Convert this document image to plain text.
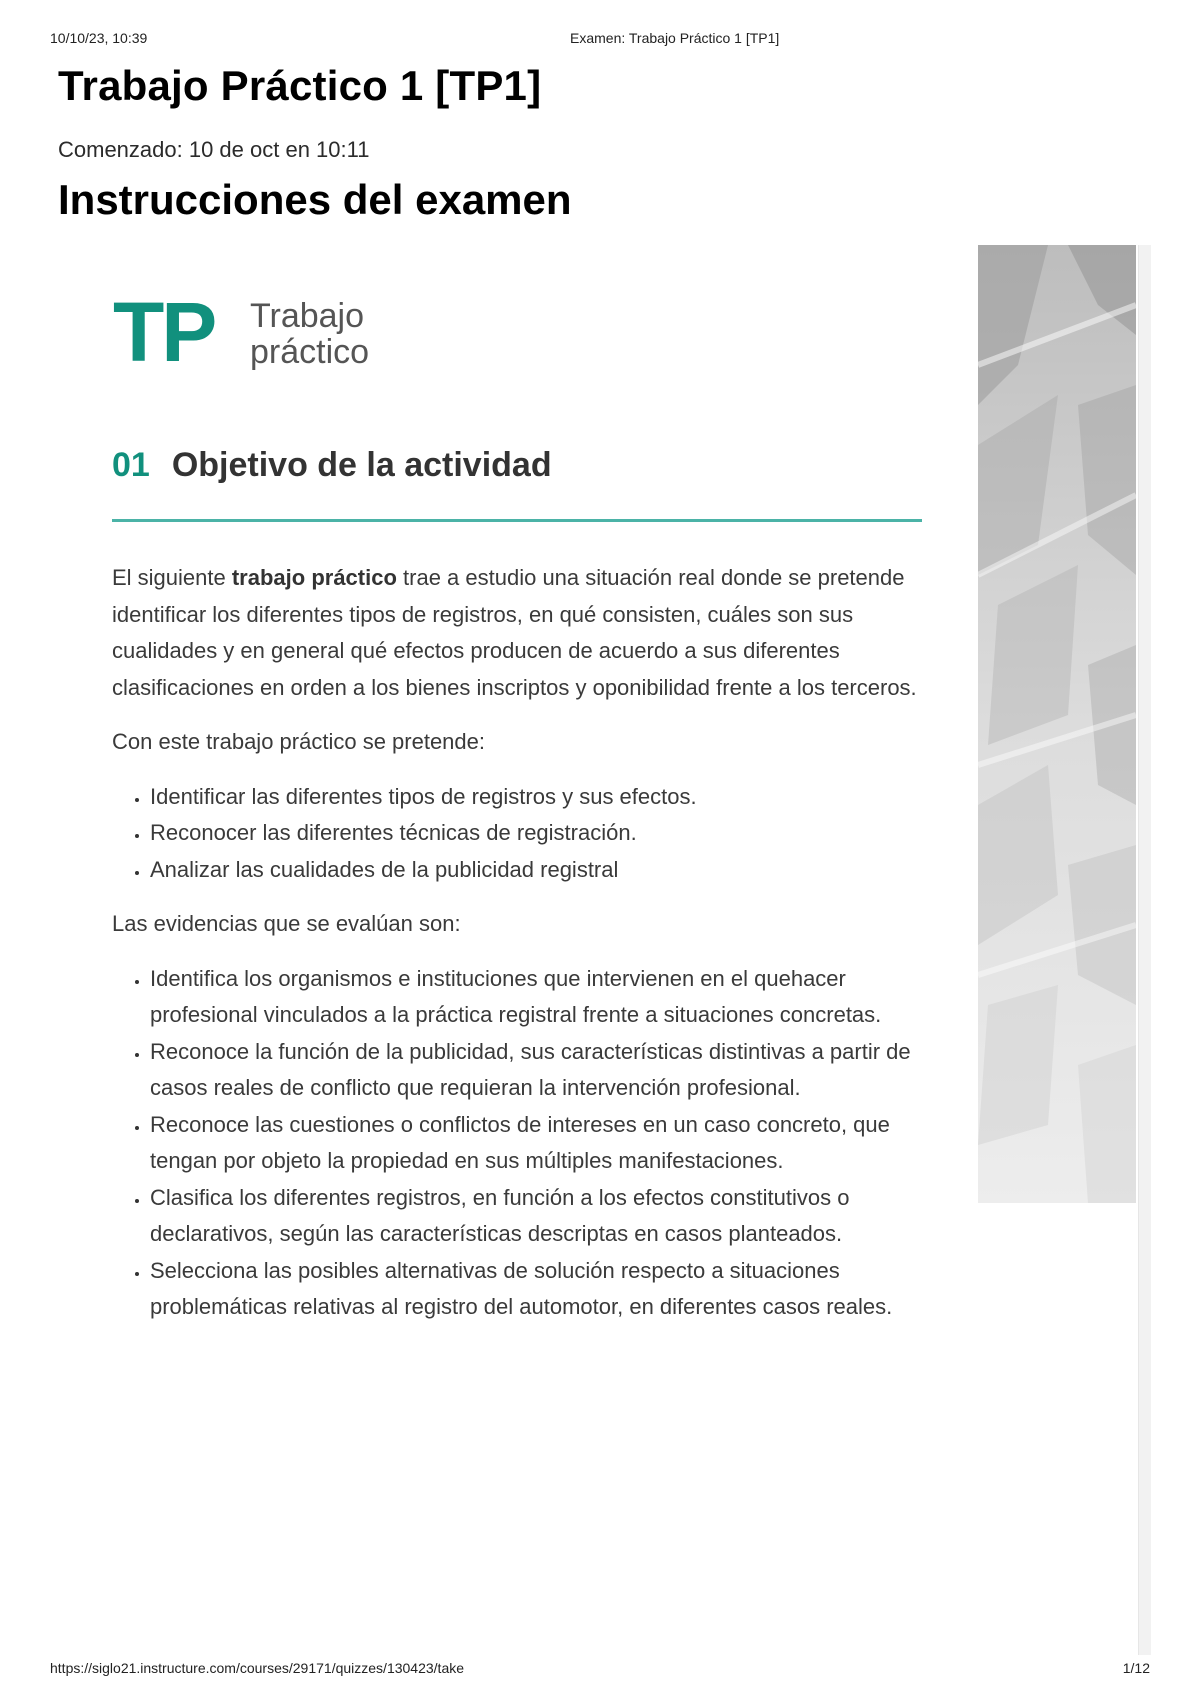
10/10/23, 10:39	Examen: Trabajo Práctico 1 [TP1]
Trabajo Práctico 1 [TP1]
Comenzado: 10 de oct en 10:11
Instrucciones del examen
TP Trabajo
práctico
01 Objetivo de la actividad

El siguiente trabajo práctico trae a estudio una situación real donde se pretende identificar los diferentes tipos de registros, en qué consisten, cuáles son sus cualidades y en general qué efectos producen de acuerdo a sus diferentes clasificaciones en orden a los bienes inscriptos y oponibilidad frente a los terceros.

Con este trabajo práctico se pretende:

• Identificar las diferentes tipos de registros y sus efectos.
• Reconocer las diferentes técnicas de registración.
• Analizar las cualidades de la publicidad registral

Las evidencias que se evalúan son:

• Identifica los organismos e instituciones que intervienen en el quehacer profesional vinculados a la práctica registral frente a situaciones concretas.
• Reconoce la función de la publicidad, sus características distintivas a partir de casos reales de conflicto que requieran la intervención profesional.
• Reconoce las cuestiones o conflictos de intereses en un caso concreto, que tengan por objeto la propiedad en sus múltiples manifestaciones.
• Clasifica los diferentes registros, en función a los efectos constitutivos o declarativos, según las características descriptas en casos planteados.
• Selecciona las posibles alternativas de solución respecto a situaciones problemáticas relativas al registro del automotor, en diferentes casos reales.
https://siglo21.instructure.com/courses/29171/quizzes/130423/take	1/12
